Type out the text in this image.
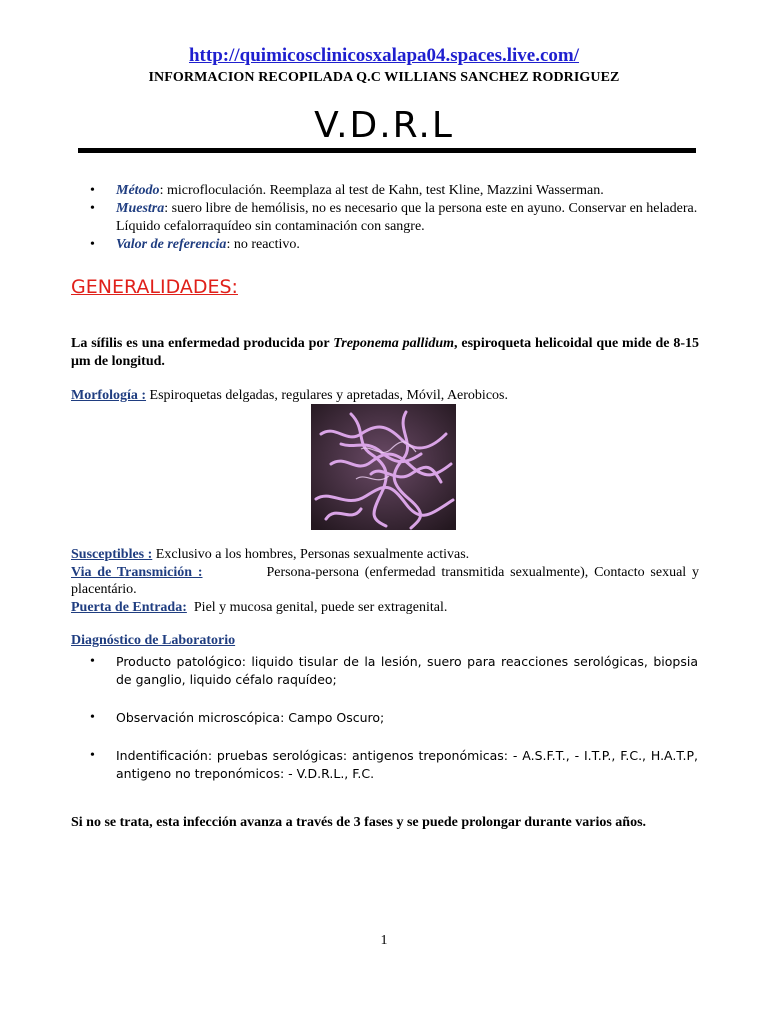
http://quimicosclinicosxalapa04.spaces.live.com/
INFORMACION RECOPILADA Q.C WILLIANS SANCHEZ RODRIGUEZ
V.D.R.L
• Método: microfloculación. Reemplaza al test de Kahn, test Kline, Mazzini Wasserman.
• Muestra: suero libre de hemólisis, no es necesario que la persona este en ayuno. Conservar en heladera. Líquido cefalorraquídeo sin contaminación con sangre.
• Valor de referencia: no reactivo.
GENERALIDADES:
La sífilis es una enfermedad producida por Treponema pallidum, espiroqueta helicoidal que mide de 8-15 μm de longitud.
Morfología : Espiroquetas delgadas, regulares y apretadas, Móvil, Aerobicos.
Susceptibles : Exclusivo a los hombres, Personas sexualmente activas.
Via de Transmición :           Persona-persona (enfermedad transmitida sexualmente), Contacto sexual y placentário.
Puerta de Entrada:  Piel y mucosa genital, puede ser extragenital.
Diagnóstico de Laboratorio
• Producto patológico: liquido tisular de la lesión, suero para reacciones serológicas, biopsia de ganglio, liquido céfalo raquídeo;
• Observación microscópica: Campo Oscuro;
• Indentificación: pruebas serológicas: antigenos treponómicas: - A.S.F.T., - I.T.P., F.C., H.A.T.P, antigeno no treponómicos: - V.D.R.L., F.C.
Si no se trata, esta infección avanza a través de 3 fases y se puede prolongar durante varios años.
1
